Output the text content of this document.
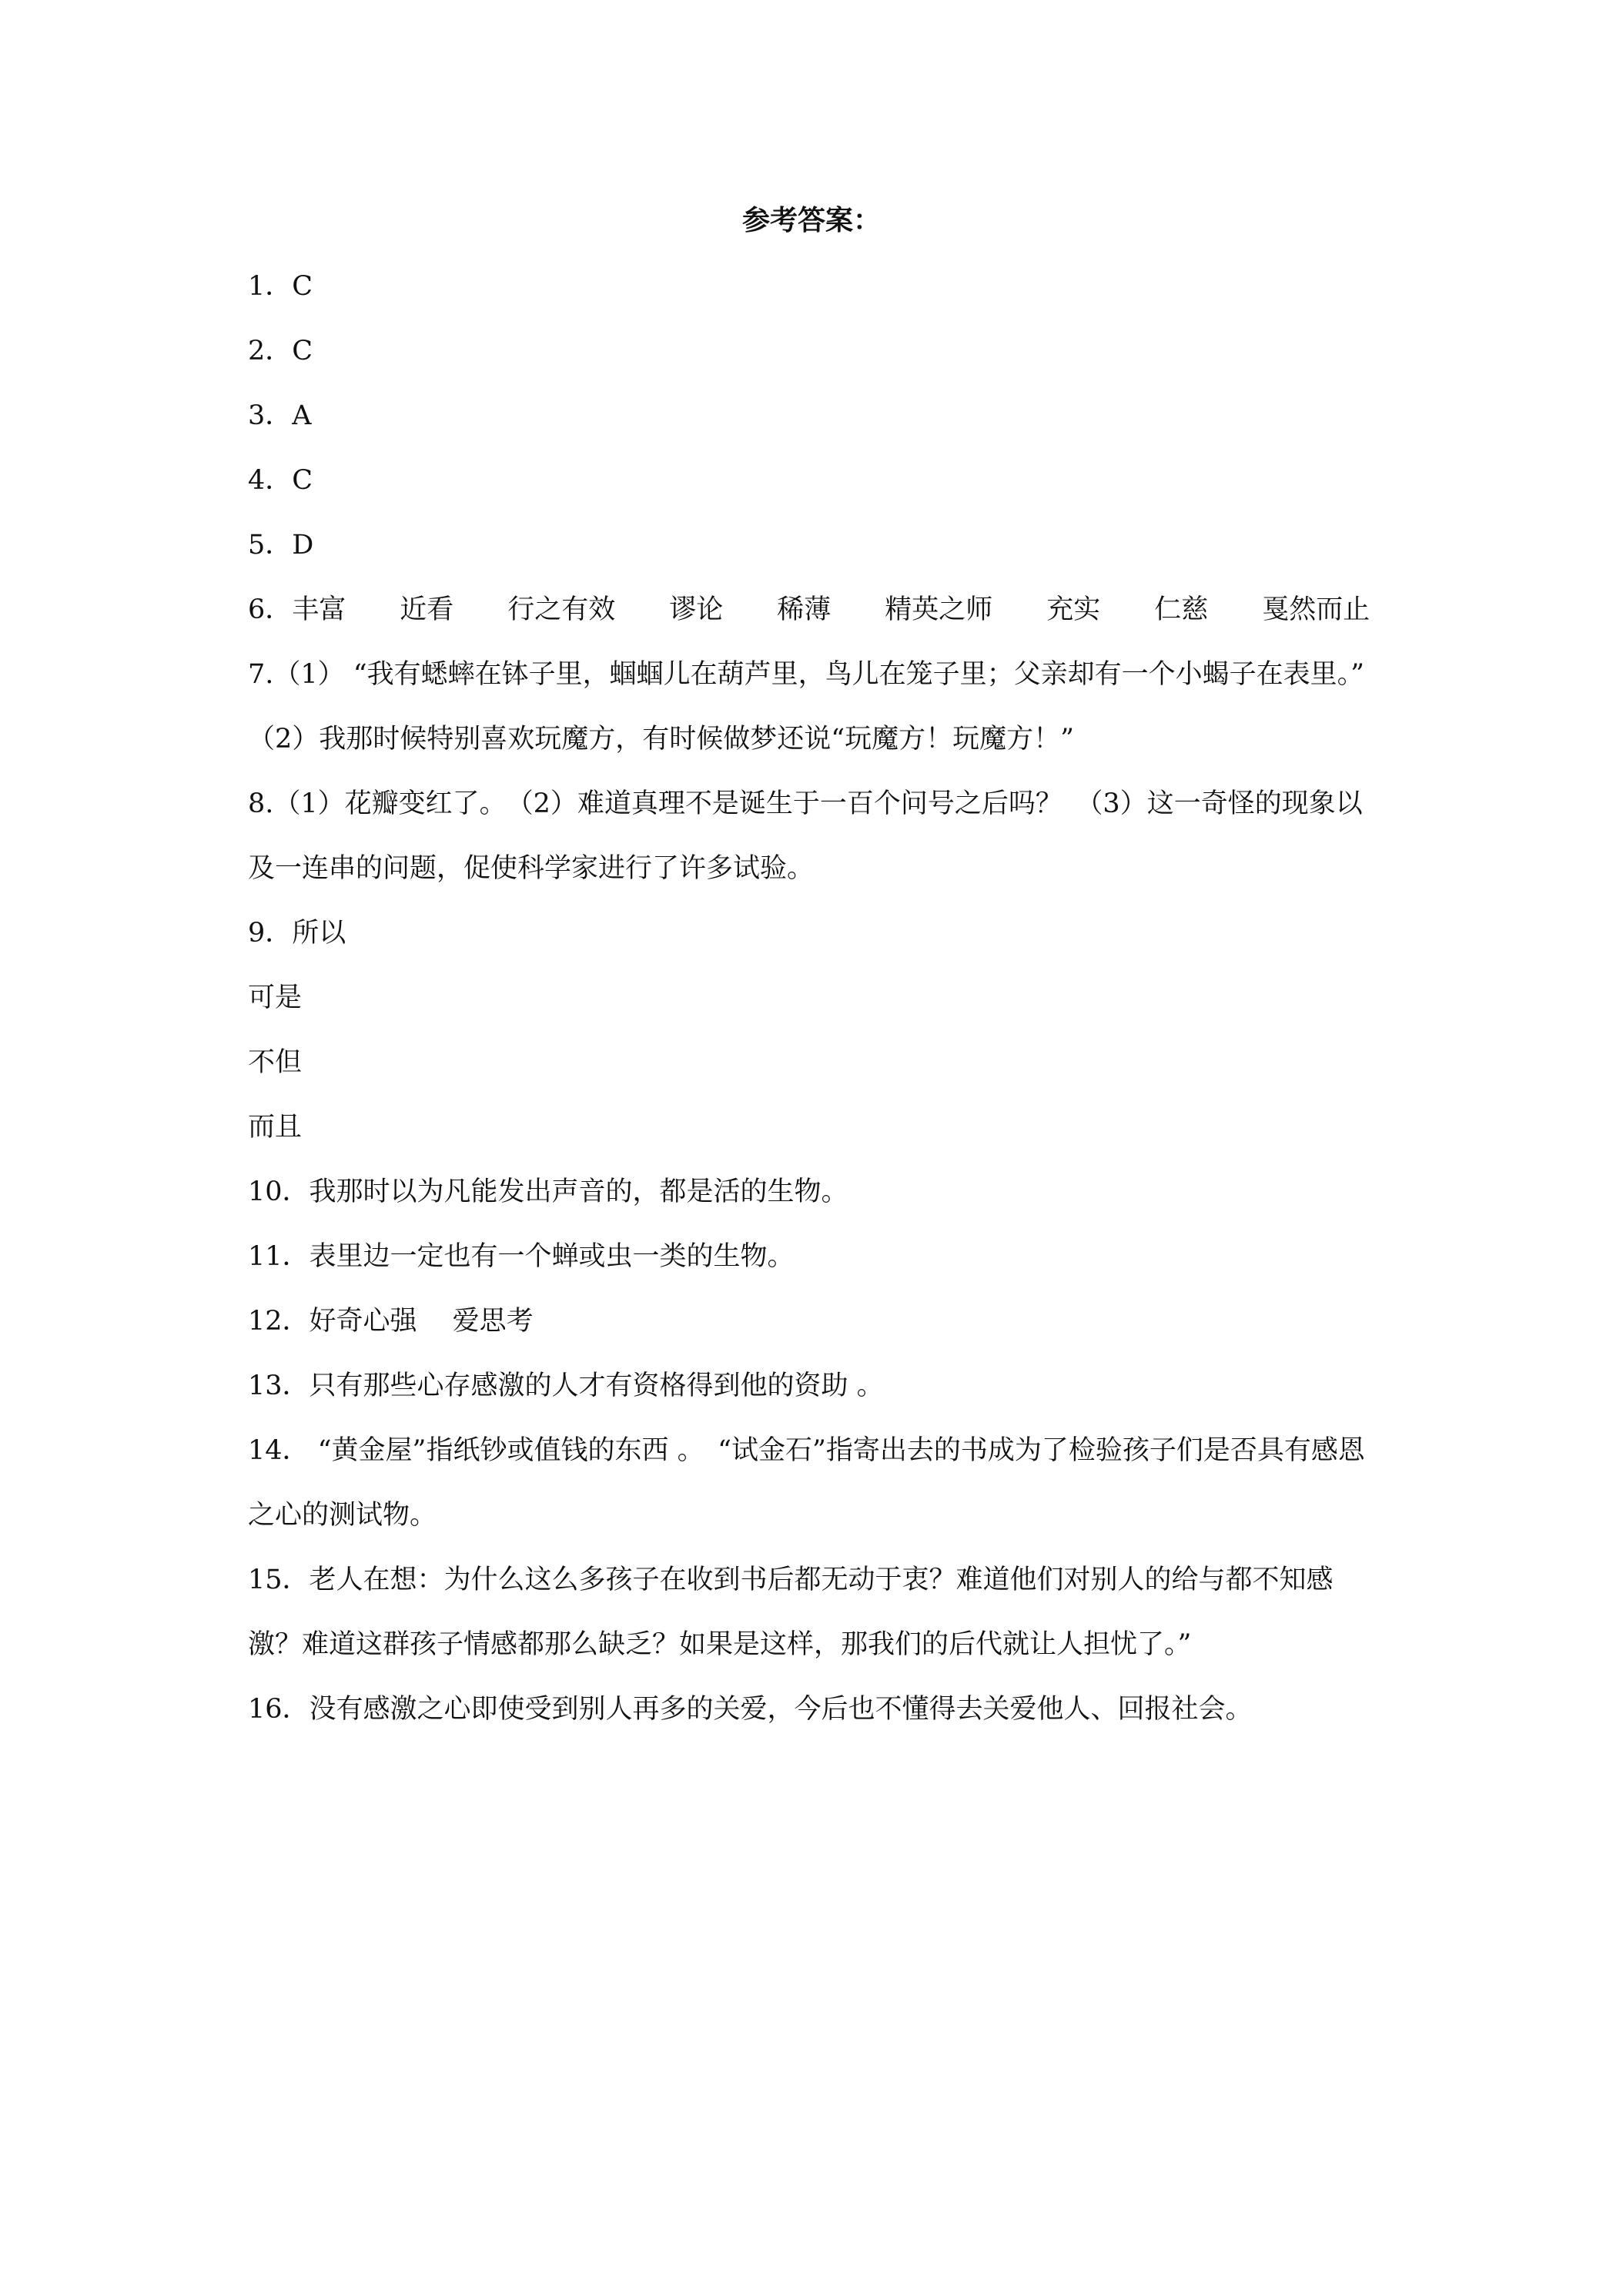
参考答案：

1．C

2．C

3．A

4．C

5．D

6．丰富　　近看　　行之有效　　谬论　　稀薄　　精英之师　　充实　　仁慈　　戛然而止

7.（1） “我有蟋蟀在钵子里，蝈蝈儿在葫芦里，鸟儿在笼子里；父亲却有一个小蝎子在表里。”　（2）我那时候特别喜欢玩魔方，有时候做梦还说“玩魔方！玩魔方！”

8.（1）花瓣变红了。　（2）难道真理不是诞生于一百个问号之后吗？　（3）这一奇怪的现象以及一连串的问题，促使科学家进行了许多试验。

9．所以

可是

不但

而且

10．我那时以为凡能发出声音的，都是活的生物。

11．表里边一定也有一个蝉或虫一类的生物。

12．好奇心强　 爱思考

13．只有那些心存感激的人才有资格得到他的资助 。

14． “黄金屋”指纸钞或值钱的东西 。　“试金石”指寄出去的书成为了检验孩子们是否具有感恩之心的测试物。

15．老人在想：为什么这么多孩子在收到书后都无动于衷？难道他们对别人的给与都不知感激？难道这群孩子情感都那么缺乏？如果是这样，那我们的后代就让人担忧了。”

16．没有感激之心即使受到别人再多的关爱，今后也不懂得去关爱他人、回报社会。
